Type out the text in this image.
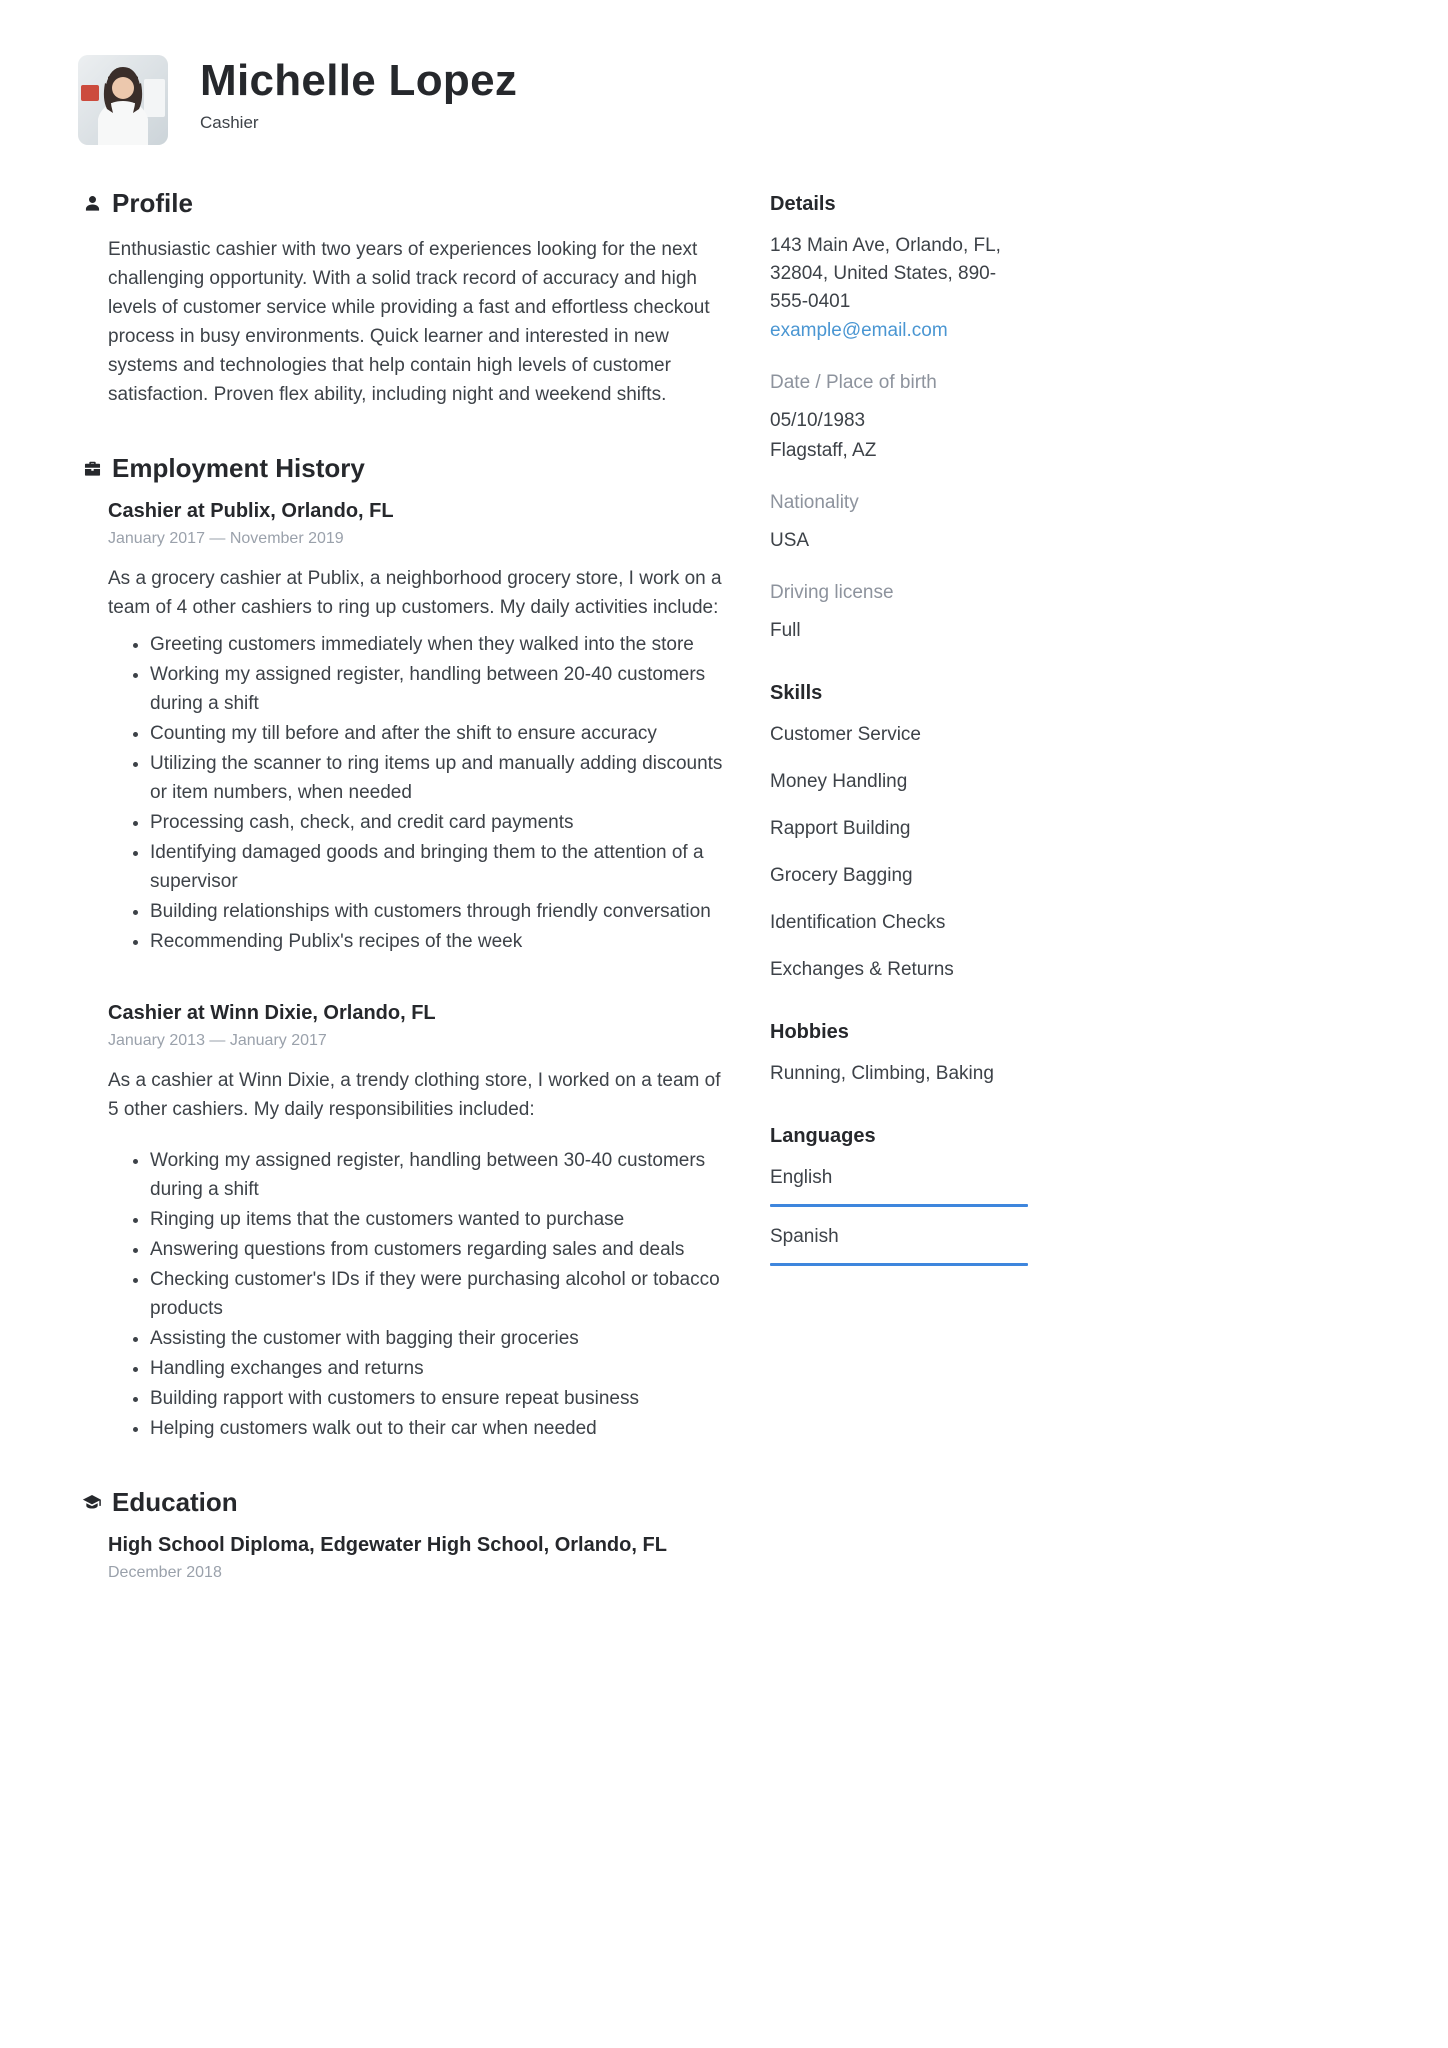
Michelle Lopez
Cashier
Profile

Enthusiastic cashier with two years of experiences looking for the next challenging opportunity. With a solid track record of accuracy and high levels of customer service while providing a fast and effortless checkout process in busy environments. Quick learner and interested in new systems and technologies that help contain high levels of customer satisfaction. Proven flex ability, including night and weekend shifts.

Employment History
Cashier at Publix, Orlando, FL
January 2017 — November 2019

As a grocery cashier at Publix, a neighborhood grocery store, I work on a team of 4 other cashiers to ring up customers. My daily activities include:

• Greeting customers immediately when they walked into the store
• Working my assigned register, handling between 20-40 customers during a shift
• Counting my till before and after the shift to ensure accuracy
• Utilizing the scanner to ring items up and manually adding discounts or item numbers, when needed
• Processing cash, check, and credit card payments
• Identifying damaged goods and bringing them to the attention of a supervisor
• Building relationships with customers through friendly conversation
• Recommending Publix's recipes of the week
Cashier at Winn Dixie, Orlando, FL
January 2013 — January 2017

As a cashier at Winn Dixie, a trendy clothing store, I worked on a team of 5 other cashiers. My daily responsibilities included:

• Working my assigned register, handling between 30-40 customers during a shift
• Ringing up items that the customers wanted to purchase
• Answering questions from customers regarding sales and deals
• Checking customer's IDs if they were purchasing alcohol or tobacco products
• Assisting the customer with bagging their groceries
• Handling exchanges and returns
• Building rapport with customers to ensure repeat business
• Helping customers walk out to their car when needed
Education
High School Diploma, Edgewater High School, Orlando, FL
December 2018
Details

143 Main Ave, Orlando, FL, 32804, United States, 890-555-0401

example@email.com
Date / Place of birth
05/10/1983
Flagstaff, AZ
Nationality
USA
Driving license
Full
Skills
Customer Service
Money Handling
Rapport Building
Grocery Bagging
Identification Checks
Exchanges & Returns
Hobbies

Running, Climbing, Baking

Languages
English
Spanish
